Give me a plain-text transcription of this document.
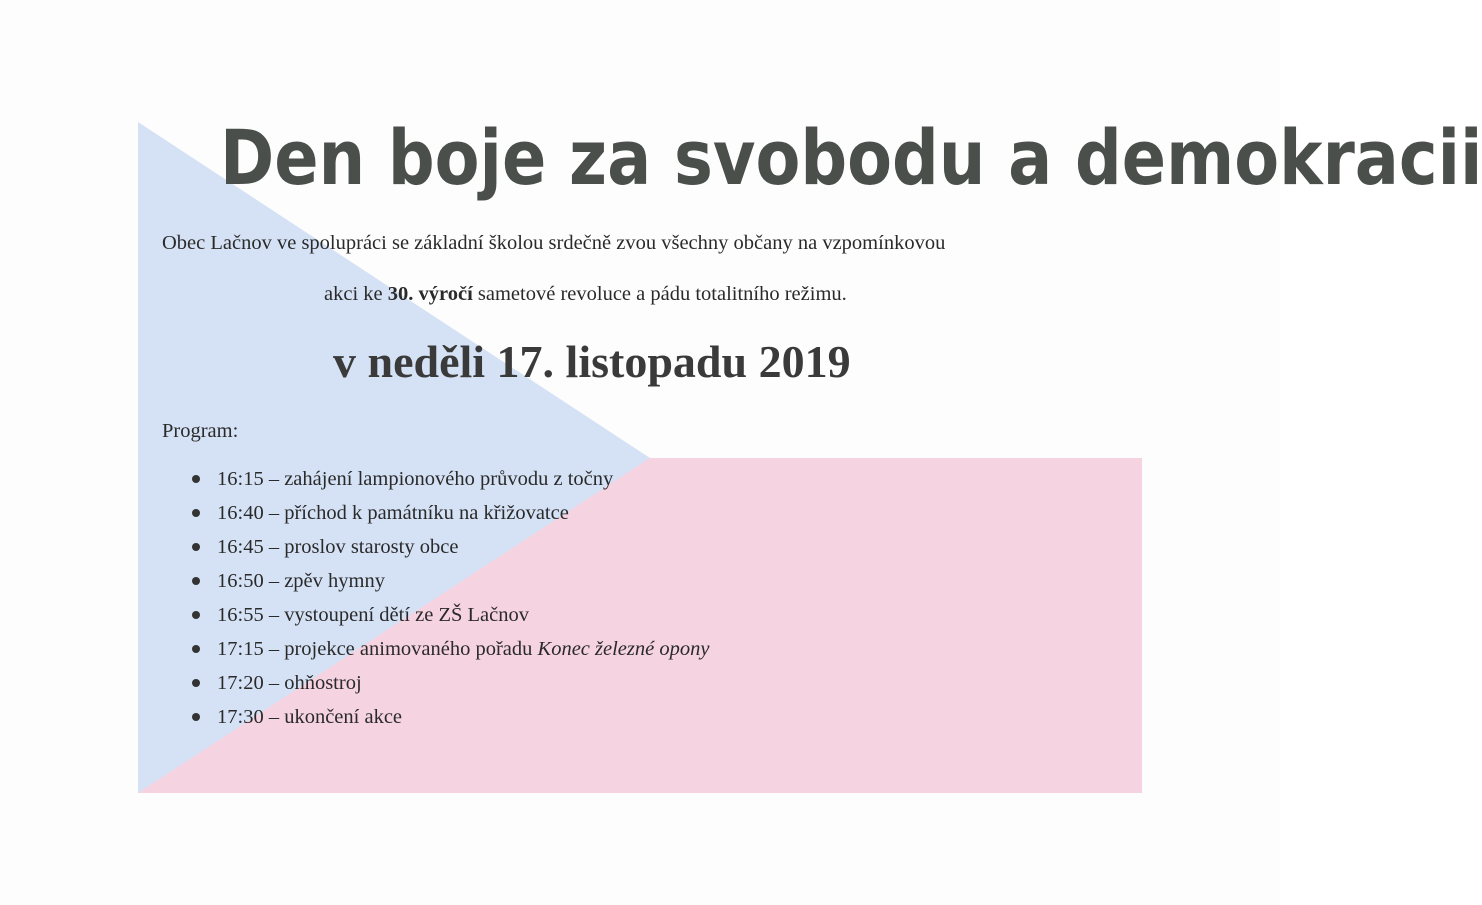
Den boje za svobodu a demokracii
Obec Lačnov ve spolupráci se základní školou srdečně zvou všechny občany na vzpomínkovou
akci ke 30. výročí sametové revoluce a pádu totalitního režimu.
v neděli 17. listopadu 2019
Program:
16:15 – zahájení lampionového průvodu z točny
16:40 – příchod k památníku na křižovatce
16:45 – proslov starosty obce
16:50 – zpěv hymny
16:55 – vystoupení dětí ze ZŠ Lačnov
17:15 – projekce animovaného pořadu Konec železné opony
17:20 – ohňostroj
17:30 – ukončení akce
